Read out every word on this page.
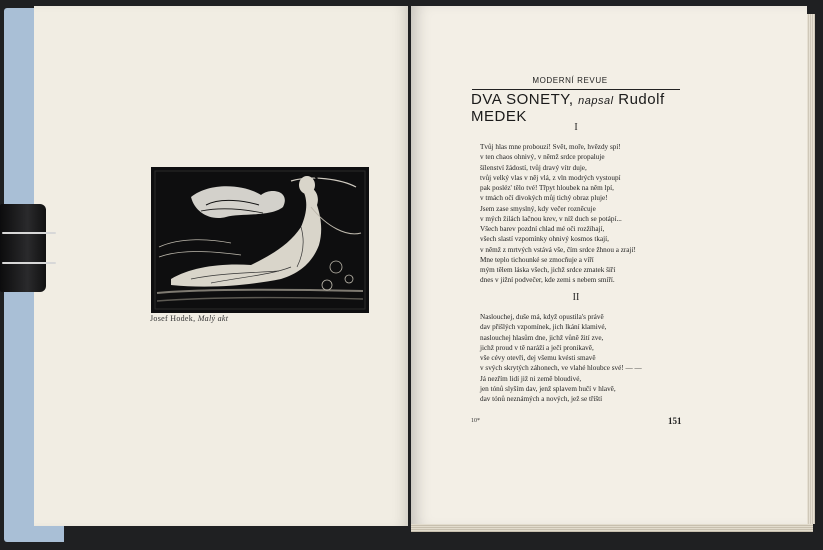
Josef Hodek, Malý akt
MODERNÍ REVUE
DVA SONETY, napsal Rudolf
MEDEK
I
Tvůj hlas mne probouzí! Svět, moře, hvězdy spí!
v ten chaos ohnivý, v němž srdce propaluje
šílenství žádostí, tvůj dravý vítr duje,
tvůj velký vlas v něj vlá, z vln modrých vystoupí
pak posléz' tělo tvé! Třpyt hloubek na něm lpí,
v tmách očí divokých můj tichý obraz pluje!
Jsem zase smyslný, kdy večer rozněcuje
v mých žilách lačnou krev, v níž duch se potápí...
Všech barev pozdní chlad mé oči rozžíhají,
všech slastí vzpomínky ohnivý kosmos tkají,
v němž z mrtvých vstává vše, čím srdce žhnou a zrají!
Mne teplo tichounké se zmocňuje a víří
mým tělem láska všech, jichž srdce zmatek šíří
dnes v jižní podvečer, kde zemi s nebem smíří.
II
Naslouchej, duše má, když opustila's právě
dav přišlých vzpomínek, jich lkání klamivé,
naslouchej hlasům dne, jichž vůně žití zve,
jichž proud v tě naráží a ječí pronikavě,
vše cévy otevři, dej všemu kvésti smavě
v svých skrytých záhonech, ve vlahé hloubce své! — —
Já nezřím lidí již ni země bloudivé,
jen tónů slyším dav, jenž splavem hučí v hlavě,
dav tónů neznámých a nových, jež se tříští
10*	151
